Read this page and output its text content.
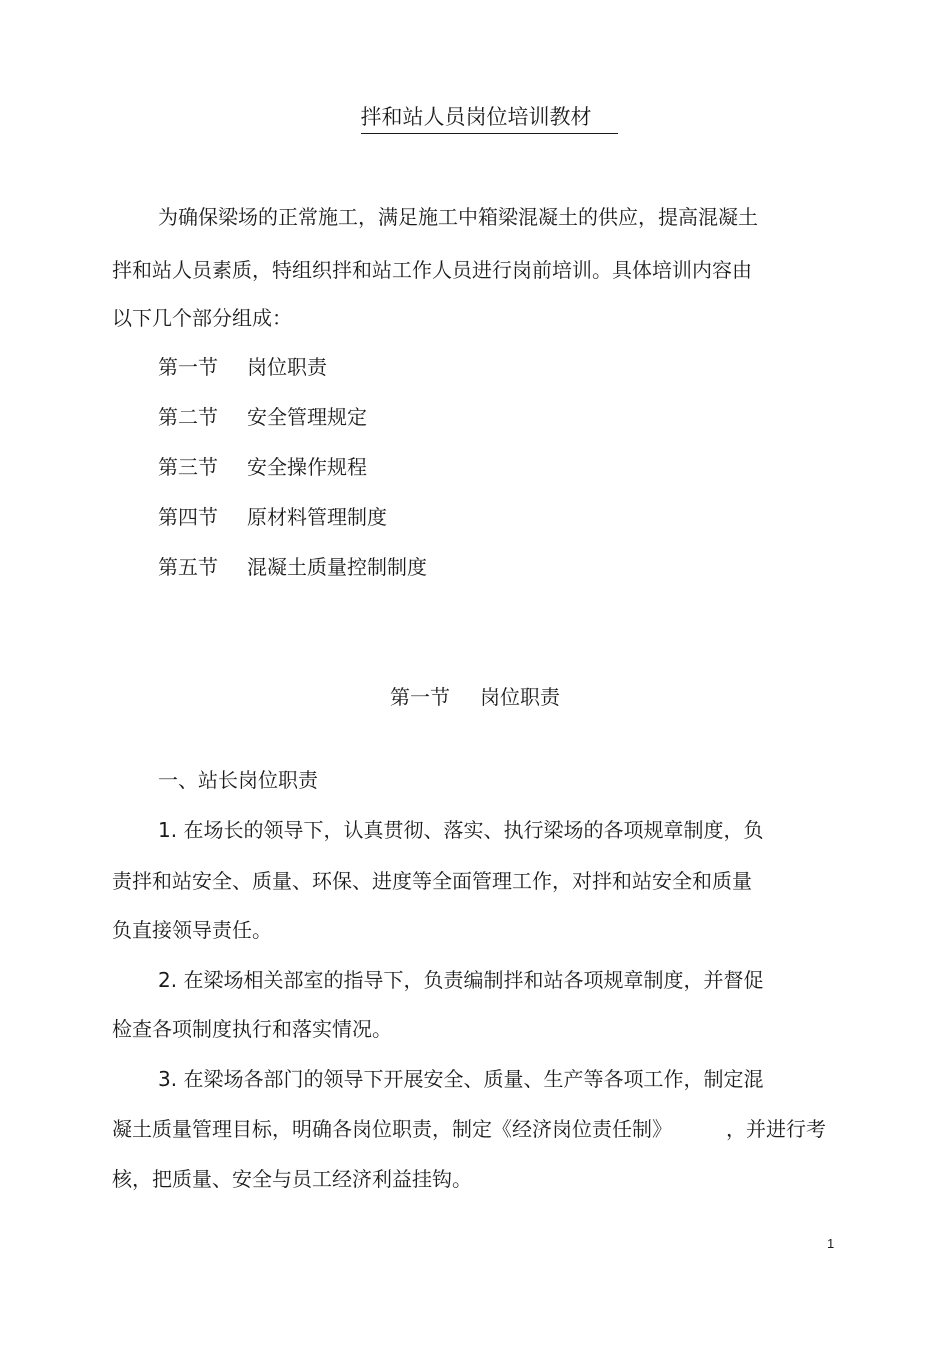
拌和站人员岗位培训教材
为确保梁场的正常施工，满足施工中箱梁混凝土的供应，提高混凝土
拌和站人员素质，特组织拌和站工作人员进行岗前培训。具体培训内容由
以下几个部分组成：
第一节 岗位职责
第二节 安全管理规定
第三节 安全操作规程
第四节 原材料管理制度
第五节 混凝土质量控制制度
第一节 岗位职责
一、站长岗位职责
1. 在场长的领导下，认真贯彻、落实、执行梁场的各项规章制度，负
责拌和站安全、质量、环保、进度等全面管理工作，对拌和站安全和质量
负直接领导责任。
2. 在梁场相关部室的指导下，负责编制拌和站各项规章制度，并督促
检查各项制度执行和落实情况。
3. 在梁场各部门的领导下开展安全、质量、生产等各项工作，制定混
凝土质量管理目标，明确各岗位职责，制定《经济岗位责任制》	，并进行考
核，把质量、安全与员工经济利益挂钩。
1
